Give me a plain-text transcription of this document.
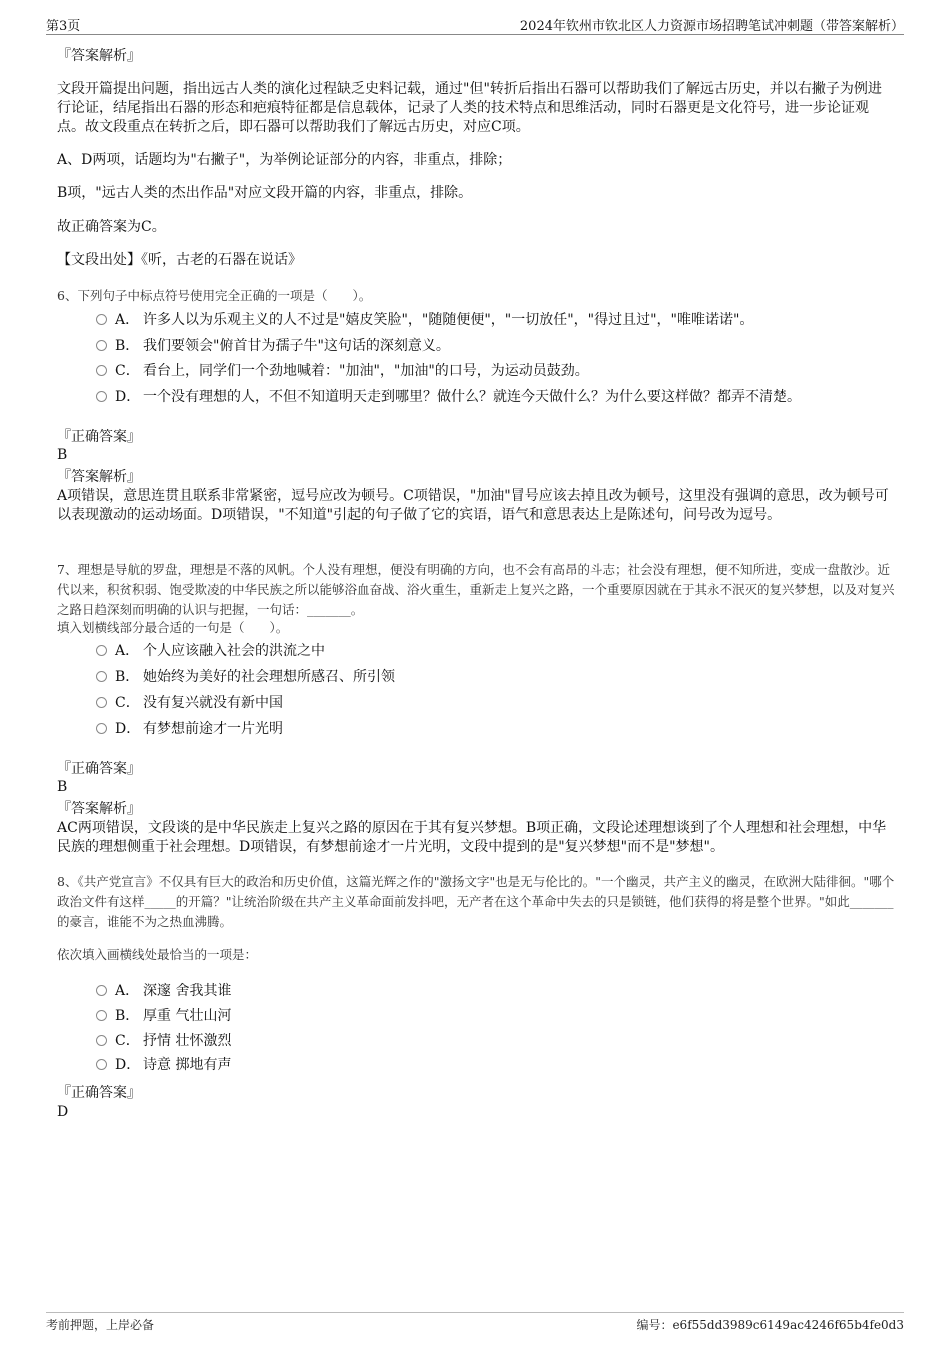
第3页	2024年钦州市钦北区人力资源市场招聘笔试冲刺题（带答案解析）
『答案解析』
文段开篇提出问题，指出远古人类的演化过程缺乏史料记载，通过"但"转折后指出石器可以帮助我们了解远古历史，并以右撇子为例进行论证，结尾指出石器的形态和疤痕特征都是信息载体，记录了人类的技术特点和思维活动，同时石器更是文化符号，进一步论证观点。故文段重点在转折之后，即石器可以帮助我们了解远古历史，对应C项。
A、D两项，话题均为"右撇子"，为举例论证部分的内容，非重点，排除；
B项，"远古人类的杰出作品"对应文段开篇的内容，非重点，排除。
故正确答案为C。
【文段出处】《听，古老的石器在说话》
6、下列句子中标点符号使用完全正确的一项是（　　）。
A． 许多人以为乐观主义的人不过是"嬉皮笑脸"，"随随便便"，"一切放任"，"得过且过"，"唯唯诺诺"。
B． 我们要领会"俯首甘为孺子牛"这句话的深刻意义。
C． 看台上，同学们一个劲地喊着："加油"，"加油"的口号，为运动员鼓劲。
D． 一个没有理想的人，不但不知道明天走到哪里？做什么？就连今天做什么？为什么要这样做？都弄不清楚。
『正确答案』
B
『答案解析』
A项错误，意思连贯且联系非常紧密，逗号应改为顿号。C项错误，"加油"冒号应该去掉且改为顿号，这里没有强调的意思，改为顿号可以表现激动的运动场面。D项错误，"不知道"引起的句子做了它的宾语，语气和意思表达上是陈述句，问号改为逗号。
7、理想是导航的罗盘，理想是不落的风帆。个人没有理想，便没有明确的方向，也不会有高昂的斗志；社会没有理想，便不知所进，变成一盘散沙。近代以来，积贫积弱、饱受欺凌的中华民族之所以能够浴血奋战、浴火重生，重新走上复兴之路，一个重要原因就在于其永不泯灭的复兴梦想，以及对复兴之路日趋深刻而明确的认识与把握，一句话：_______。
填入划横线部分最合适的一句是（　　）。
A． 个人应该融入社会的洪流之中
B． 她始终为美好的社会理想所感召、所引领
C． 没有复兴就没有新中国
D． 有梦想前途才一片光明
『正确答案』
B
『答案解析』
AC两项错误，文段谈的是中华民族走上复兴之路的原因在于其有复兴梦想。B项正确，文段论述理想谈到了个人理想和社会理想，中华民族的理想侧重于社会理想。D项错误，有梦想前途才一片光明，文段中提到的是"复兴梦想"而不是"梦想"。
8、《共产党宣言》不仅具有巨大的政治和历史价值，这篇光辉之作的"激扬文字"也是无与伦比的。"一个幽灵，共产主义的幽灵，在欧洲大陆徘徊。"哪个政治文件有这样_____的开篇？"让统治阶级在共产主义革命面前发抖吧，无产者在这个革命中失去的只是锁链，他们获得的将是整个世界。"如此_______的豪言，谁能不为之热血沸腾。
依次填入画横线处最恰当的一项是：
A． 深邃 舍我其谁
B． 厚重 气壮山河
C． 抒情 壮怀激烈
D． 诗意 掷地有声
『正确答案』
D
考前押题，上岸必备	编号：e6f55dd3989c6149ac4246f65b4fe0d3
